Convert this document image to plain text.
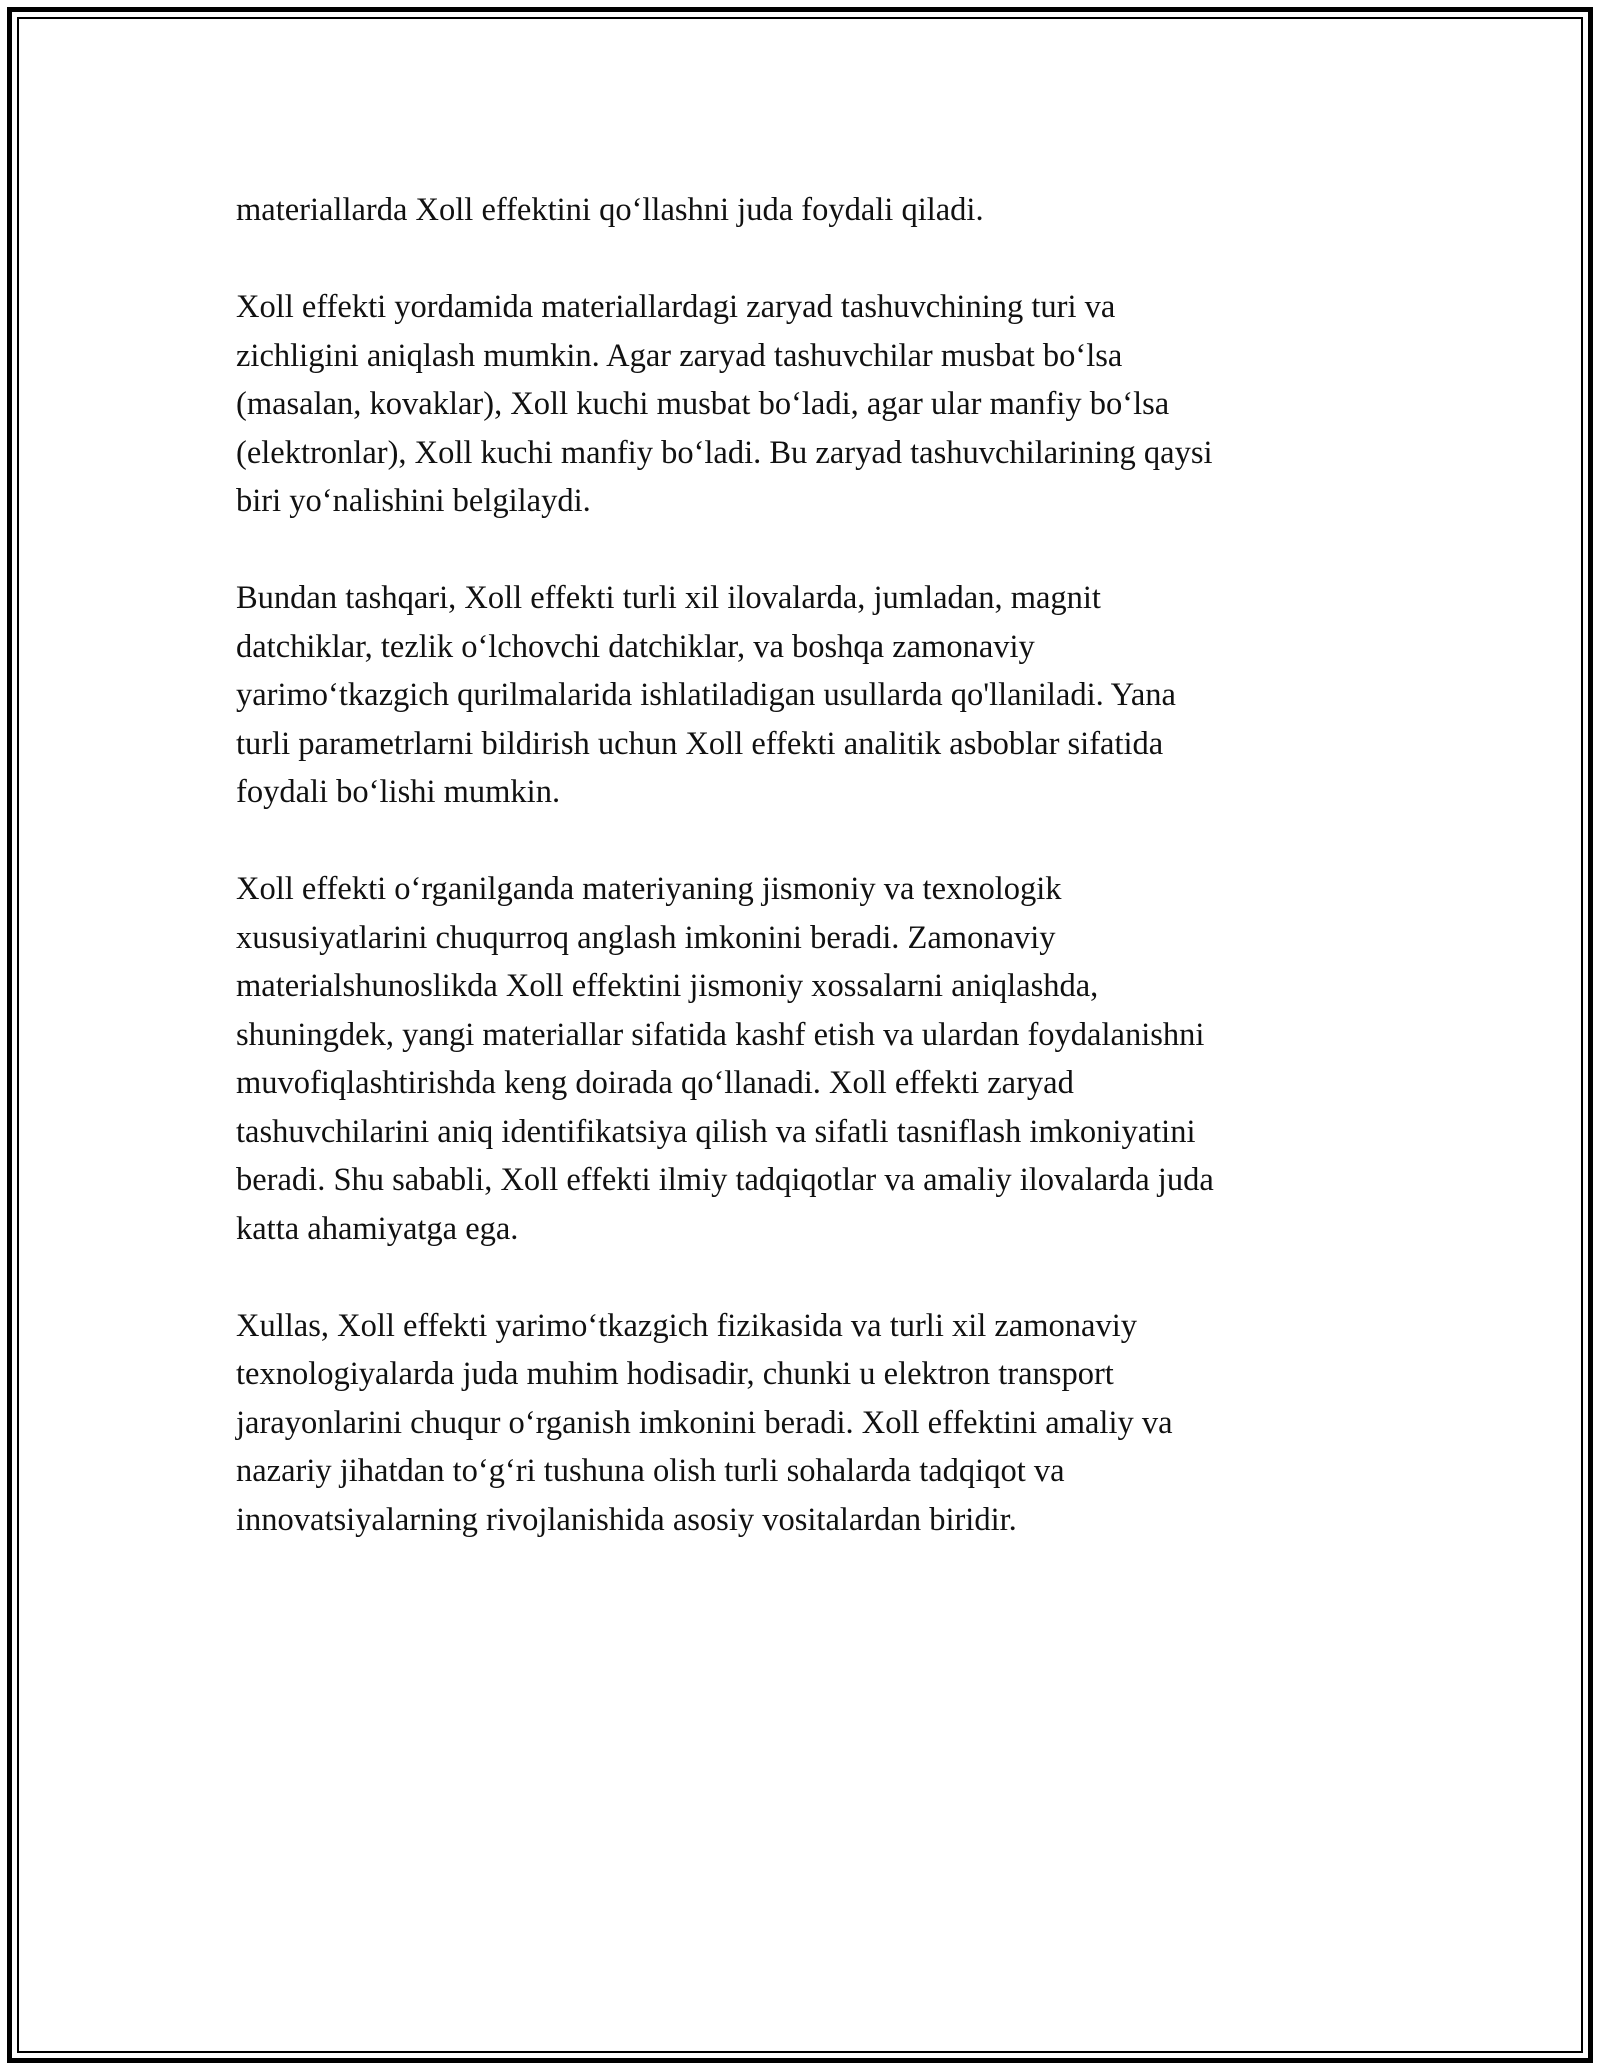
materiallarda Xoll effektini qo‘llashni juda foydali qiladi.

Xoll effekti yordamida materiallardagi zaryad tashuvchining turi va
zichligini aniqlash mumkin. Agar zaryad tashuvchilar musbat bo‘lsa
(masalan, kovaklar), Xoll kuchi musbat bo‘ladi, agar ular manfiy bo‘lsa
(elektronlar), Xoll kuchi manfiy bo‘ladi. Bu zaryad tashuvchilarining qaysi
biri yo‘nalishini belgilaydi.

Bundan tashqari, Xoll effekti turli xil ilovalarda, jumladan, magnit
datchiklar, tezlik o‘lchovchi datchiklar, va boshqa zamonaviy
yarimo‘tkazgich qurilmalarida ishlatiladigan usullarda qo'llaniladi. Yana
turli parametrlarni bildirish uchun Xoll effekti analitik asboblar sifatida
foydali bo‘lishi mumkin.

Xoll effekti o‘rganilganda materiyaning jismoniy va texnologik
xususiyatlarini chuqurroq anglash imkonini beradi. Zamonaviy
materialshunoslikda Xoll effektini jismoniy xossalarni aniqlashda,
shuningdek, yangi materiallar sifatida kashf etish va ulardan foydalanishni
muvofiqlashtirishda keng doirada qo‘llanadi. Xoll effekti zaryad
tashuvchilarini aniq identifikatsiya qilish va sifatli tasniflash imkoniyatini
beradi. Shu sababli, Xoll effekti ilmiy tadqiqotlar va amaliy ilovalarda juda
katta ahamiyatga ega.

Xullas, Xoll effekti yarimo‘tkazgich fizikasida va turli xil zamonaviy
texnologiyalarda juda muhim hodisadir, chunki u elektron transport
jarayonlarini chuqur o‘rganish imkonini beradi. Xoll effektini amaliy va
nazariy jihatdan to‘g‘ri tushuna olish turli sohalarda tadqiqot va
innovatsiyalarning rivojlanishida asosiy vositalardan biridir.
